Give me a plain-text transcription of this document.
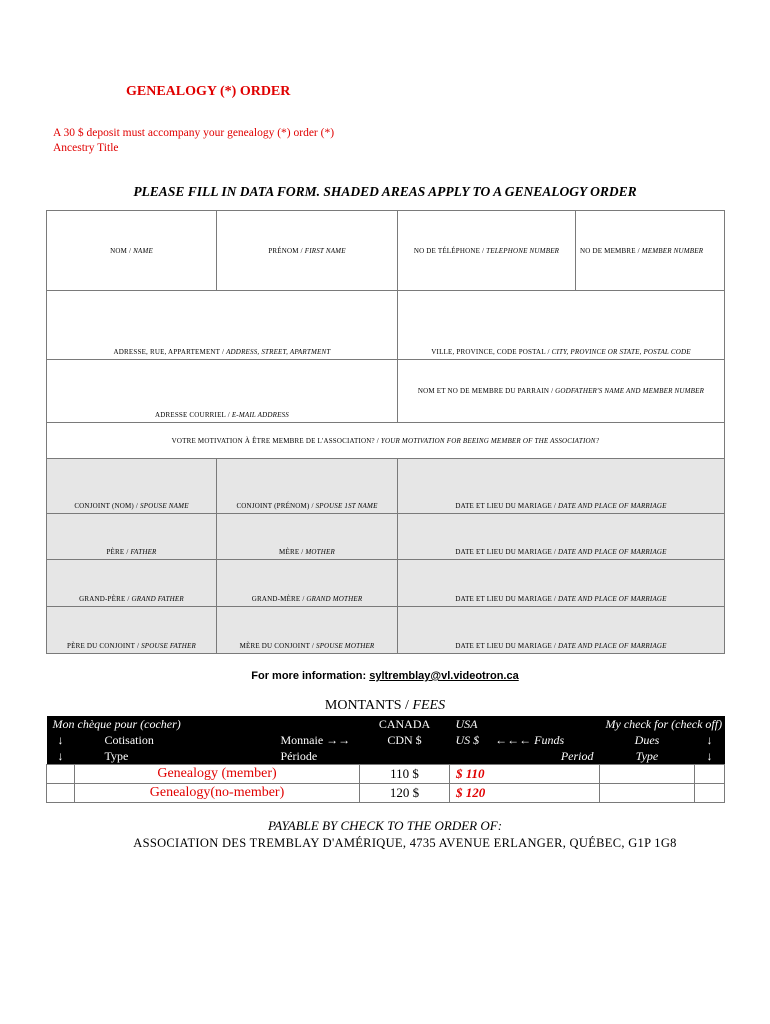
GENEALOGY (*) ORDER
A 30 $ deposit must accompany your genealogy (*) order (*)
Ancestry Title
PLEASE FILL IN DATA FORM. SHADED AREAS APPLY TO A GENEALOGY ORDER
NOM / NAME	PRÉNOM / FIRST NAME	NO DE TÉLÉPHONE / TELEPHONE NUMBER	NO DE MEMBRE / MEMBER NUMBER
ADRESSE, RUE, APPARTEMENT / ADDRESS, STREET, APARTMENT		VILLE, PROVINCE, CODE POSTAL / CITY, PROVINCE OR STATE, POSTAL CODE	
ADRESSE COURRIEL / E-MAIL ADDRESS		NOM ET NO DE MEMBRE DU PARRAIN / GODFATHER'S NAME AND MEMBER NUMBER	
VOTRE MOTIVATION À ÊTRE MEMBRE DE L'ASSOCIATION? / YOUR MOTIVATION FOR BEEING MEMBER OF THE ASSOCIATION?			
CONJOINT (NOM) / SPOUSE NAME	CONJOINT (PRÉNOM) / SPOUSE 1ST NAME	DATE ET LIEU DU MARIAGE / DATE AND PLACE OF MARRIAGE	
PÈRE / FATHER	MÈRE / MOTHER	DATE ET LIEU DU MARIAGE / DATE AND PLACE OF MARRIAGE	
GRAND-PÈRE / GRAND FATHER	GRAND-MÈRE / GRAND MOTHER	DATE ET LIEU DU MARIAGE / DATE AND PLACE OF MARRIAGE	
PÈRE DU CONJOINT / SPOUSE FATHER	MÈRE DU CONJOINT / SPOUSE MOTHER	DATE ET LIEU DU MARIAGE / DATE AND PLACE OF MARRIAGE	
For more information: syltremblay@vl.videotron.ca
MONTANTS / FEES
Mon chèque pour (cocher)			CANADA	USA	My check for (check off)	
↓	Cotisation	Monnaie →→	CDN $	US $ ←←← Funds	Dues	↓
↓	Type	Période		Period	Type	↓
	Genealogy (member)		110 $	$ 110		
	Genealogy(no-member)		120 $	$ 120		
PAYABLE BY CHECK TO THE ORDER OF:
ASSOCIATION DES TREMBLAY D'AMÉRIQUE, 4735 AVENUE ERLANGER, QUÉBEC, G1P 1G8
